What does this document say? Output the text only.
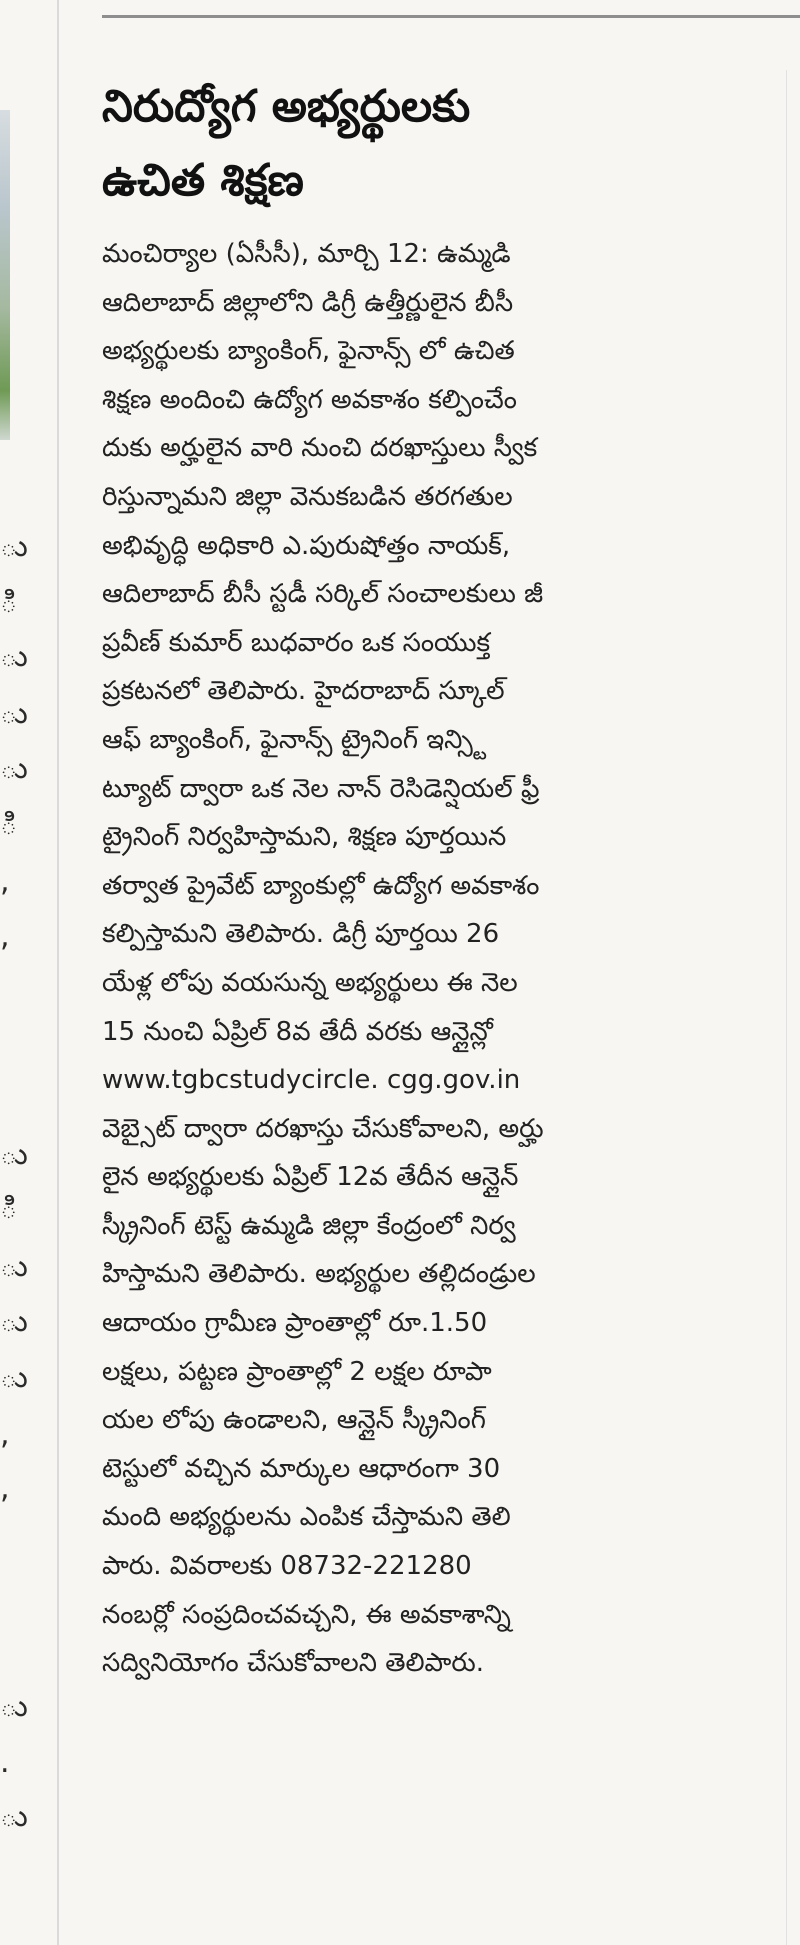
ు
ి
ు
ు
ు
ి
,
,
ు
ి
ు
ు
ు
,
,
ు
.
ు
నిరుద్యోగ అభ్యర్థులకు
ఉచిత శిక్షణ
మంచిర్యాల (ఏసీసీ), మార్చి 12: ఉమ్మడి
ఆదిలాబాద్ జిల్లాలోని డిగ్రీ ఉత్తీర్ణులైన బీసీ
అభ్యర్థులకు బ్యాంకింగ్, ఫైనాన్స్ లో ఉచిత
శిక్షణ అందించి ఉద్యోగ అవకాశం కల్పించేం
దుకు అర్హులైన వారి నుంచి దరఖాస్తులు స్వీక
రిస్తున్నామని జిల్లా వెనుకబడిన తరగతుల
అభివృద్ధి అధికారి ఎ.పురుషోత్తం నాయక్,
ఆదిలాబాద్ బీసీ స్టడీ సర్కిల్ సంచాలకులు జీ
ప్రవీణ్ కుమార్ బుధవారం ఒక సంయుక్త
ప్రకటనలో తెలిపారు. హైదరాబాద్ స్కూల్
ఆఫ్ బ్యాంకింగ్, ఫైనాన్స్ ట్రైనింగ్ ఇన్స్టి
ట్యూట్ ద్వారా ఒక నెల నాన్ రెసిడెన్షియల్ ఫ్రీ
ట్రైనింగ్ నిర్వహిస్తామని, శిక్షణ పూర్తయిన
తర్వాత ప్రైవేట్ బ్యాంకుల్లో ఉద్యోగ అవకాశం
కల్పిస్తామని తెలిపారు. డిగ్రీ పూర్తయి 26
యేళ్ల లోపు వయసున్న అభ్యర్థులు ఈ నెల
15 నుంచి ఏప్రిల్ 8వ తేదీ వరకు ఆన్లైన్లో
www.tgbcstudycircle. cgg.gov.in
వెబ్సైట్ ద్వారా దరఖాస్తు చేసుకోవాలని, అర్హు
లైన అభ్యర్థులకు ఏప్రిల్ 12వ తేదీన ఆన్లైన్
స్క్రీనింగ్ టెస్ట్ ఉమ్మడి జిల్లా కేంద్రంలో నిర్వ
హిస్తామని తెలిపారు. అభ్యర్థుల తల్లిదండ్రుల
ఆదాయం గ్రామీణ ప్రాంతాల్లో రూ.1.50
లక్షలు, పట్టణ ప్రాంతాల్లో 2 లక్షల రూపా
యల లోపు ఉండాలని, ఆన్లైన్ స్క్రీనింగ్
టెస్టులో వచ్చిన మార్కుల ఆధారంగా 30
మంది అభ్యర్థులను ఎంపిక చేస్తామని తెలి
పారు. వివరాలకు 08732-221280
నంబర్లో సంప్రదించవచ్చని, ఈ అవకాశాన్ని
సద్వినియోగం చేసుకోవాలని తెలిపారు.
